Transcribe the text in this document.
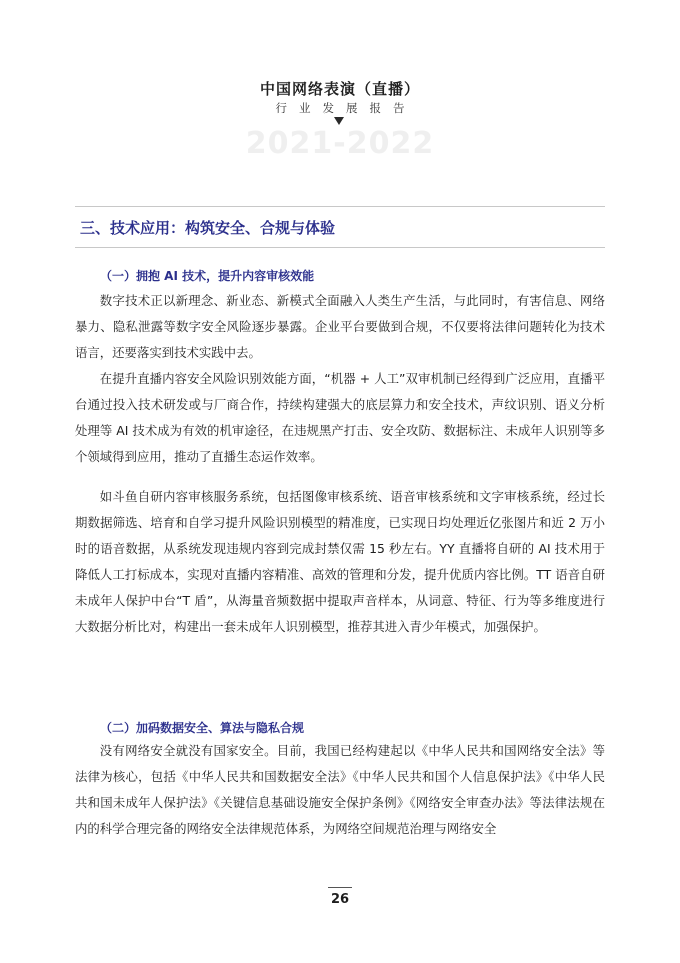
中国网络表演（直播）
行业发展报告
2021-2022
三、技术应用：构筑安全、合规与体验
（一）拥抱 AI 技术，提升内容审核效能

数字技术正以新理念、新业态、新模式全面融入人类生产生活，与此同时，有害信息、网络暴力、隐私泄露等数字安全风险逐步暴露。企业平台要做到合规，不仅要将法律问题转化为技术语言，还要落实到技术实践中去。

在提升直播内容安全风险识别效能方面，“机器 + 人工”双审机制已经得到广泛应用，直播平台通过投入技术研发或与厂商合作，持续构建强大的底层算力和安全技术，声纹识别、语义分析处理等 AI 技术成为有效的机审途径，在违规黑产打击、安全攻防、数据标注、未成年人识别等多个领域得到应用，推动了直播生态运作效率。

如斗鱼自研内容审核服务系统，包括图像审核系统、语音审核系统和文字审核系统，经过长期数据筛选、培育和自学习提升风险识别模型的精准度，已实现日均处理近亿张图片和近 2 万小时的语音数据，从系统发现违规内容到完成封禁仅需 15 秒左右。YY 直播将自研的 AI 技术用于降低人工打标成本，实现对直播内容精准、高效的管理和分发，提升优质内容比例。TT 语音自研未成年人保护中台“T 盾”，从海量音频数据中提取声音样本，从词意、特征、行为等多维度进行大数据分析比对，构建出一套未成年人识别模型，推荐其进入青少年模式，加强保护。

（二）加码数据安全、算法与隐私合规

没有网络安全就没有国家安全。目前，我国已经构建起以《中华人民共和国网络安全法》等法律为核心，包括《中华人民共和国数据安全法》《中华人民共和国个人信息保护法》《中华人民共和国未成年人保护法》《关键信息基础设施安全保护条例》《网络安全审查办法》等法律法规在内的科学合理完备的网络安全法律规范体系，为网络空间规范治理与网络安全

26
